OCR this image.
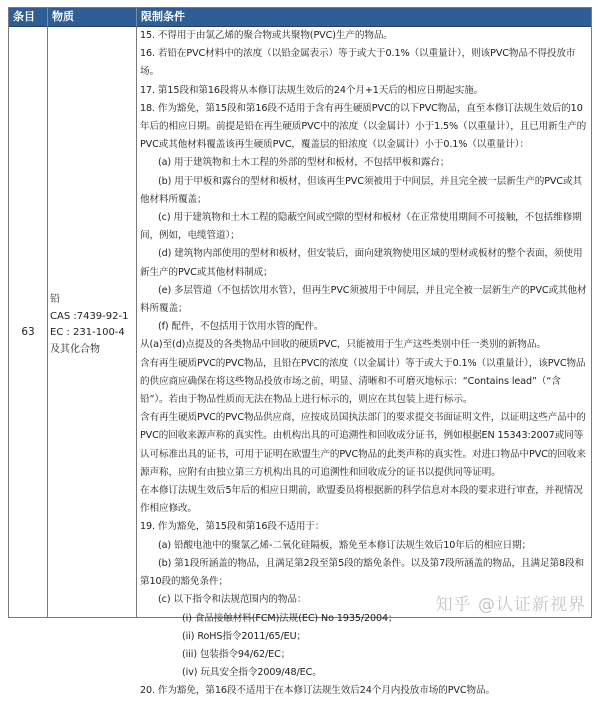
条目	物质	限制条件
63
铅
CAS :7439-92-1
EC : 231-100-4
及其化合物

15. 不得用于由氯乙烯的聚合物或共聚物(PVC)生产的物品。

16. 若铅在PVC材料中的浓度（以铅金属表示）等于或大于0.1%（以重量计），则该PVC物品不得投放市场。

17. 第15段和第16段将从本修订法规生效后的24个月+1天后的相应日期起实施。

18. 作为豁免，第15段和第16段不适用于含有再生硬质PVC的以下PVC物品，直至本修订法规生效后的10年后的相应日期。前提是铅在再生硬质PVC中的浓度（以金属计）小于1.5%（以重量计），且已用新生产的PVC或其他材料覆盖该再生硬质PVC，覆盖层的铅浓度（以金属计）小于0.1%（以重量计）：

(a) 用于建筑物和土木工程的外部的型材和板材，不包括甲板和露台；

(b) 用于甲板和露台的型材和板材，但该再生PVC须被用于中间层，并且完全被一层新生产的PVC或其他材料所覆盖；

(c) 用于建筑物和土木工程的隐蔽空间或空隙的型材和板材（在正常使用期间不可接触，不包括维修期间，例如，电缆管道）；

(d) 建筑物内部使用的型材和板材，但安装后，面向建筑物使用区域的型材或板材的整个表面，须使用新生产的PVC或其他材料制成；

(e) 多层管道（不包括饮用水管），但再生PVC须被用于中间层，并且完全被一层新生产的PVC或其他材料所覆盖；

(f) 配件，不包括用于饮用水管的配件。

从(a)至(d)点提及的各类物品中回收的硬质PVC，只能被用于生产这些类别中任一类别的新物品。

含有再生硬质PVC的PVC物品，且铅在PVC的浓度（以金属计）等于或大于0.1%（以重量计），该PVC物品的供应商应确保在将这些物品投放市场之前，明显、清晰和不可磨灭地标示：“Contains lead”（“含铅”）。若由于物品性质而无法在物品上进行标示的，则应在其包装上进行标示。

含有再生硬质PVC的PVC物品供应商，应按成员国执法部门的要求提交书面证明文件，以证明这些产品中的PVC的回收来源声称的真实性。由机构出具的可追溯性和回收成分证书，例如根据EN 15343:2007或同等认可标准出具的证书，可用于证明在欧盟生产的PVC物品的此类声称的真实性。对进口物品中PVC的回收来源声称，应附有由独立第三方机构出具的可追溯性和回收成分的证书以提供同等证明。

在本修订法规生效后5年后的相应日期前，欧盟委员将根据新的科学信息对本段的要求进行审查，并视情况作相应修改。

19. 作为豁免，第15段和第16段不适用于：

(a) 铅酸电池中的聚氯乙烯-二氧化硅隔板，豁免至本修订法规生效后10年后的相应日期；

(b) 第1段所涵盖的物品，且满足第2段至第5段的豁免条件。以及第7段所涵盖的物品，且满足第8段和第10段的豁免条件；

(c) 以下指令和法规范围内的物品：

(i) 食品接触材料(FCM)法规(EC) No 1935/2004；

(ii) RoHS指令2011/65/EU；

(iii) 包装指令94/62/EC；

(iv) 玩具安全指令2009/48/EC。

20. 作为豁免，第16段不适用于在本修订法规生效后24个月内投放市场的PVC物品。

知乎 @认证新视界
